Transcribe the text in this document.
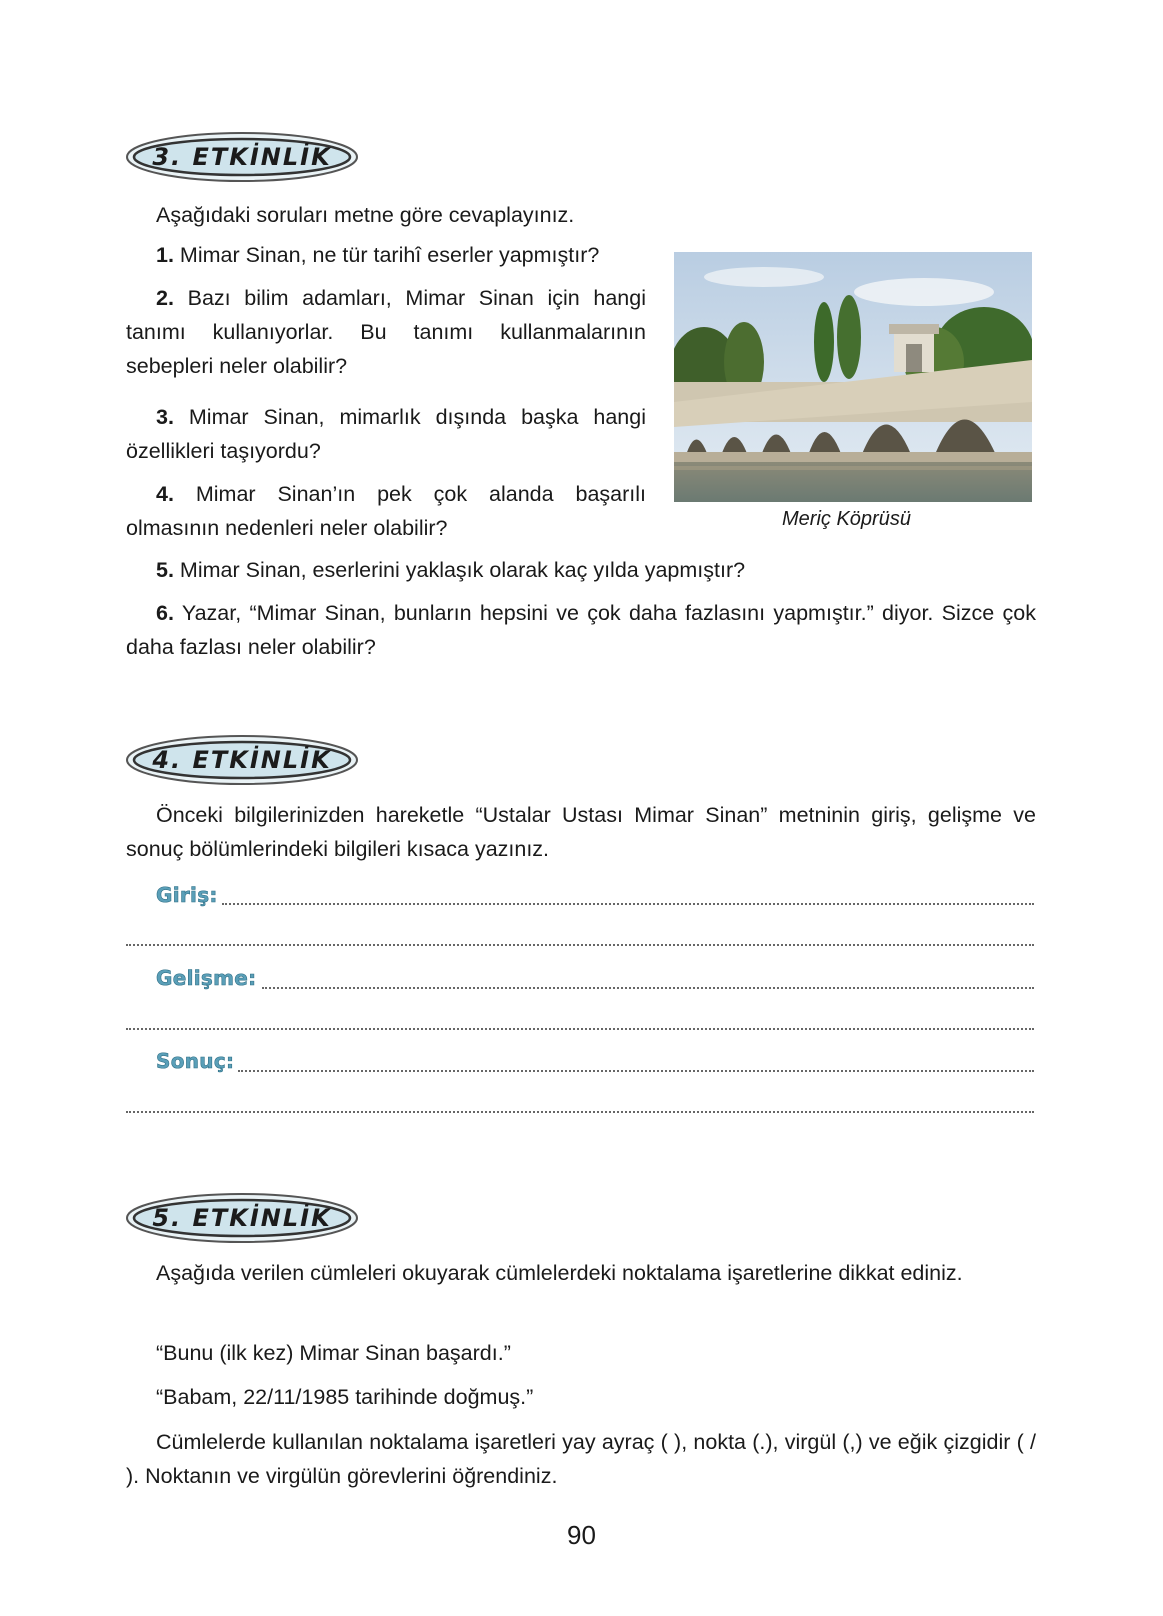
3. ETKİNLİK

Aşağıdaki soruları metne göre cevaplayınız.

1. Mimar Sinan, ne tür tarihî eserler yapmıştır?

2. Bazı bilim adamları, Mimar Sinan için hangi tanımı kullanıyorlar. Bu tanımı kullanmalarının sebepleri neler olabilir?

3. Mimar Sinan, mimarlık dışında başka hangi özellikleri taşıyordu?

4. Mimar Sinan’ın pek çok alanda başarılı olmasının nedenleri neler olabilir?	Meriç Köprüsü

5. Mimar Sinan, eserlerini yaklaşık olarak kaç yılda yapmıştır?

6. Yazar, “Mimar Sinan, bunların hepsini ve çok daha fazlasını yapmıştır.” diyor. Sizce çok daha fazlası neler olabilir?

4. ETKİNLİK

Önceki bilgilerinizden hareketle “Ustalar Ustası Mimar Sinan” metninin giriş, gelişme ve sonuç bölümlerindeki bilgileri kısaca yazınız.

Giriş:
Gelişme:
Sonuç:
5. ETKİNLİK

Aşağıda verilen cümleleri okuyarak cümlelerdeki noktalama işaretlerine dikkat ediniz.

“Bunu (ilk kez) Mimar Sinan başardı.”

“Babam, 22/11/1985 tarihinde doğmuş.”

Cümlelerde kullanılan noktalama işaretleri yay ayraç ( ), nokta (.), virgül (,) ve eğik çizgidir ( / ). Noktanın ve virgülün görevlerini öğrendiniz.

90
